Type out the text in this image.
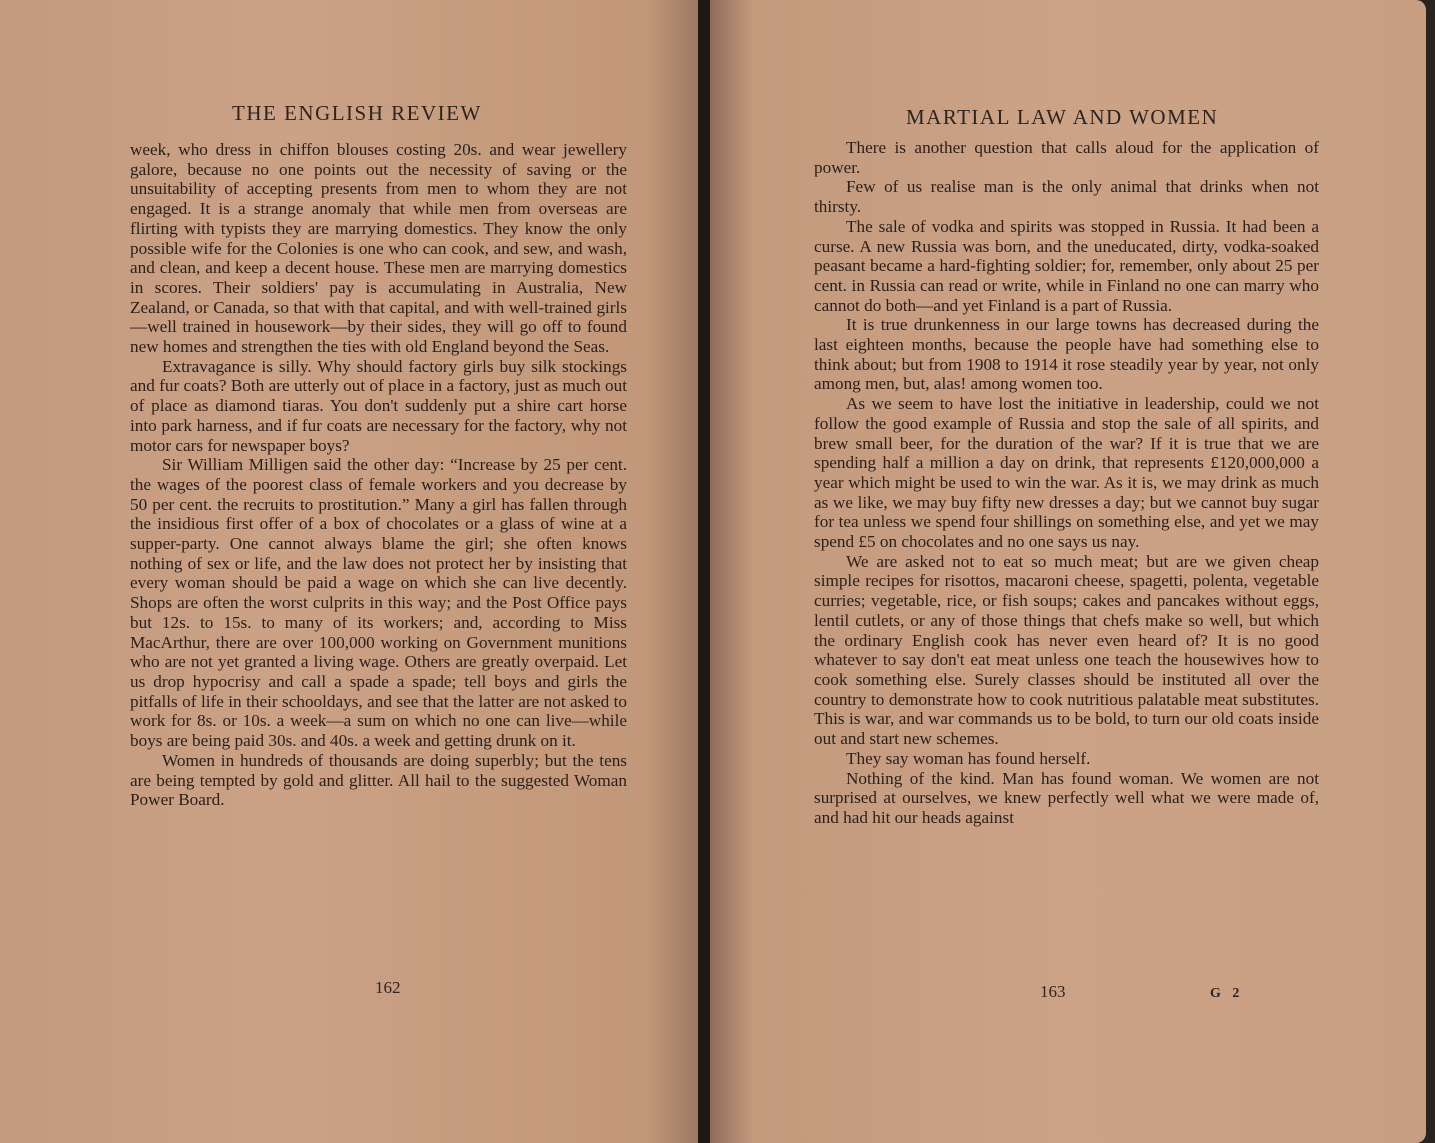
THE ENGLISH REVIEW

week, who dress in chiffon blouses costing 20s. and wear jewellery galore, because no one points out the necessity of saving or the unsuitability of accepting presents from men to whom they are not engaged. It is a strange anomaly that while men from overseas are flirting with typists they are marrying domestics. They know the only possible wife for the Colonies is one who can cook, and sew, and wash, and clean, and keep a decent house. These men are marrying domestics in scores. Their soldiers' pay is accumulating in Australia, New Zealand, or Canada, so that with that capital, and with well-trained girls—well trained in housework—by their sides, they will go off to found new homes and strengthen the ties with old England beyond the Seas.

Extravagance is silly. Why should factory girls buy silk stockings and fur coats? Both are utterly out of place in a factory, just as much out of place as diamond tiaras. You don't suddenly put a shire cart horse into park harness, and if fur coats are necessary for the factory, why not motor cars for newspaper boys?

Sir William Milligen said the other day: “Increase by 25 per cent. the wages of the poorest class of female workers and you decrease by 50 per cent. the recruits to prostitution.” Many a girl has fallen through the insidious first offer of a box of chocolates or a glass of wine at a supper-party. One cannot always blame the girl; she often knows nothing of sex or life, and the law does not protect her by insisting that every woman should be paid a wage on which she can live decently. Shops are often the worst culprits in this way; and the Post Office pays but 12s. to 15s. to many of its workers; and, according to Miss MacArthur, there are over 100,000 working on Government munitions who are not yet granted a living wage. Others are greatly overpaid. Let us drop hypocrisy and call a spade a spade; tell boys and girls the pitfalls of life in their schooldays, and see that the latter are not asked to work for 8s. or 10s. a week—a sum on which no one can live—while boys are being paid 30s. and 40s. a week and getting drunk on it.

Women in hundreds of thousands are doing superbly; but the tens are being tempted by gold and glitter. All hail to the suggested Woman Power Board.

162
MARTIAL LAW AND WOMEN

There is another question that calls aloud for the application of power.

Few of us realise man is the only animal that drinks when not thirsty.

The sale of vodka and spirits was stopped in Russia. It had been a curse. A new Russia was born, and the uneducated, dirty, vodka-soaked peasant became a hard-fighting soldier; for, remember, only about 25 per cent. in Russia can read or write, while in Finland no one can marry who cannot do both—and yet Finland is a part of Russia.

It is true drunkenness in our large towns has decreased during the last eighteen months, because the people have had something else to think about; but from 1908 to 1914 it rose steadily year by year, not only among men, but, alas! among women too.

As we seem to have lost the initiative in leadership, could we not follow the good example of Russia and stop the sale of all spirits, and brew small beer, for the duration of the war? If it is true that we are spending half a million a day on drink, that represents £120,000,000 a year which might be used to win the war. As it is, we may drink as much as we like, we may buy fifty new dresses a day; but we cannot buy sugar for tea unless we spend four shillings on something else, and yet we may spend £5 on chocolates and no one says us nay.

We are asked not to eat so much meat; but are we given cheap simple recipes for risottos, macaroni cheese, spagetti, polenta, vegetable curries; vegetable, rice, or fish soups; cakes and pancakes without eggs, lentil cutlets, or any of those things that chefs make so well, but which the ordinary English cook has never even heard of? It is no good whatever to say don't eat meat unless one teach the housewives how to cook something else. Surely classes should be instituted all over the country to demonstrate how to cook nutritious palatable meat substitutes. This is war, and war commands us to be bold, to turn our old coats inside out and start new schemes.

They say woman has found herself.

Nothing of the kind. Man has found woman. We women are not surprised at ourselves, we knew perfectly well what we were made of, and had hit our heads against

163	G 2
